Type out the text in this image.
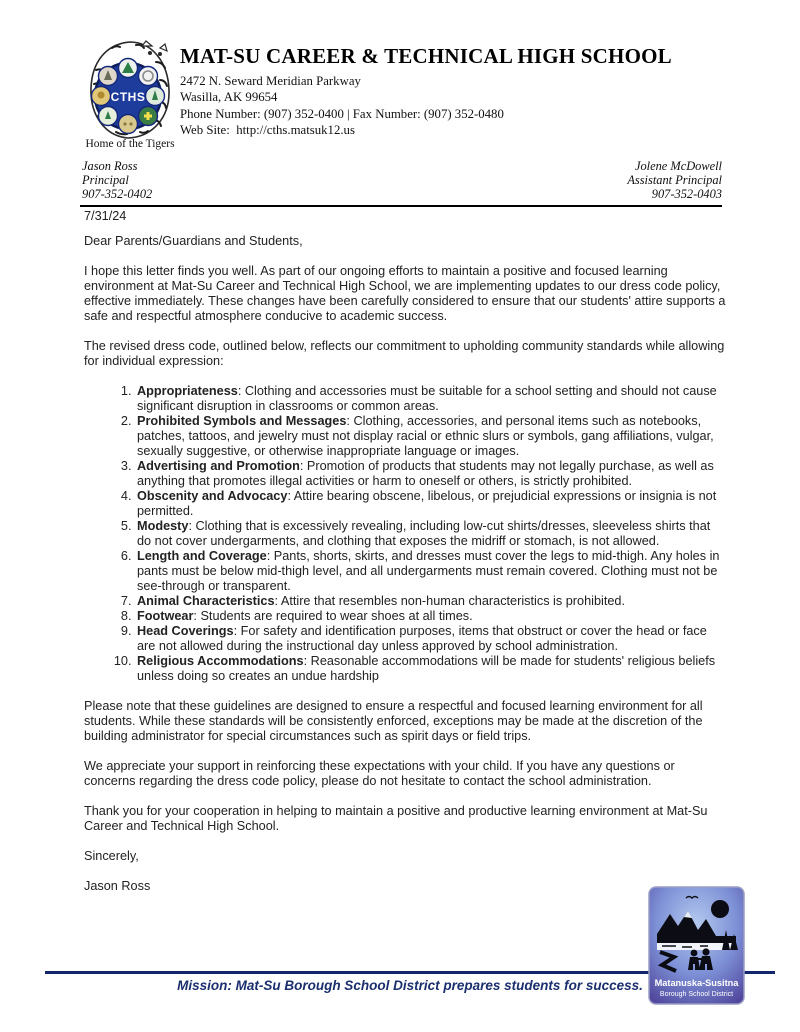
CTHS
Home of the Tigers
MAT-SU CAREER & TECHNICAL HIGH SCHOOL
2472 N. Seward Meridian Parkway
Wasilla, AK 99654
Phone Number: (907) 352-0400 | Fax Number: (907) 352-0480
Web Site:  http://cths.matsuk12.us
Jason Ross
Principal
907-352-0402
Jolene McDowell
Assistant Principal
907-352-0403
7/31/24

Dear Parents/Guardians and Students,

I hope this letter finds you well. As part of our ongoing efforts to maintain a positive and focused learning environment at Mat-Su Career and Technical High School, we are implementing updates to our dress code policy, effective immediately. These changes have been carefully considered to ensure that our students' attire supports a safe and respectful atmosphere conducive to academic success.

The revised dress code, outlined below, reflects our commitment to upholding community standards while allowing for individual expression:

1. Appropriateness: Clothing and accessories must be suitable for a school setting and should not cause significant disruption in classrooms or common areas.
2. Prohibited Symbols and Messages: Clothing, accessories, and personal items such as notebooks, patches, tattoos, and jewelry must not display racial or ethnic slurs or symbols, gang affiliations, vulgar, sexually suggestive, or otherwise inappropriate language or images.
3. Advertising and Promotion: Promotion of products that students may not legally purchase, as well as anything that promotes illegal activities or harm to oneself or others, is strictly prohibited.
4. Obscenity and Advocacy: Attire bearing obscene, libelous, or prejudicial expressions or insignia is not permitted.
5. Modesty: Clothing that is excessively revealing, including low-cut shirts/dresses, sleeveless shirts that do not cover undergarments, and clothing that exposes the midriff or stomach, is not allowed.
6. Length and Coverage: Pants, shorts, skirts, and dresses must cover the legs to mid-thigh. Any holes in pants must be below mid-thigh level, and all undergarments must remain covered. Clothing must not be see-through or transparent.
7. Animal Characteristics: Attire that resembles non-human characteristics is prohibited.
8. Footwear: Students are required to wear shoes at all times.
9. Head Coverings: For safety and identification purposes, items that obstruct or cover the head or face are not allowed during the instructional day unless approved by school administration.
10. Religious Accommodations: Reasonable accommodations will be made for students' religious beliefs unless doing so creates an undue hardship

Please note that these guidelines are designed to ensure a respectful and focused learning environment for all students. While these standards will be consistently enforced, exceptions may be made at the discretion of the building administrator for special circumstances such as spirit days or field trips.

We appreciate your support in reinforcing these expectations with your child. If you have any questions or concerns regarding the dress code policy, please do not hesitate to contact the school administration.

Thank you for your cooperation in helping to maintain a positive and productive learning environment at Mat-Su Career and Technical High School.

Sincerely,

Jason Ross

Mission: Mat-Su Borough School District prepares students for success.	Matanuska-Susitna
Borough School District
